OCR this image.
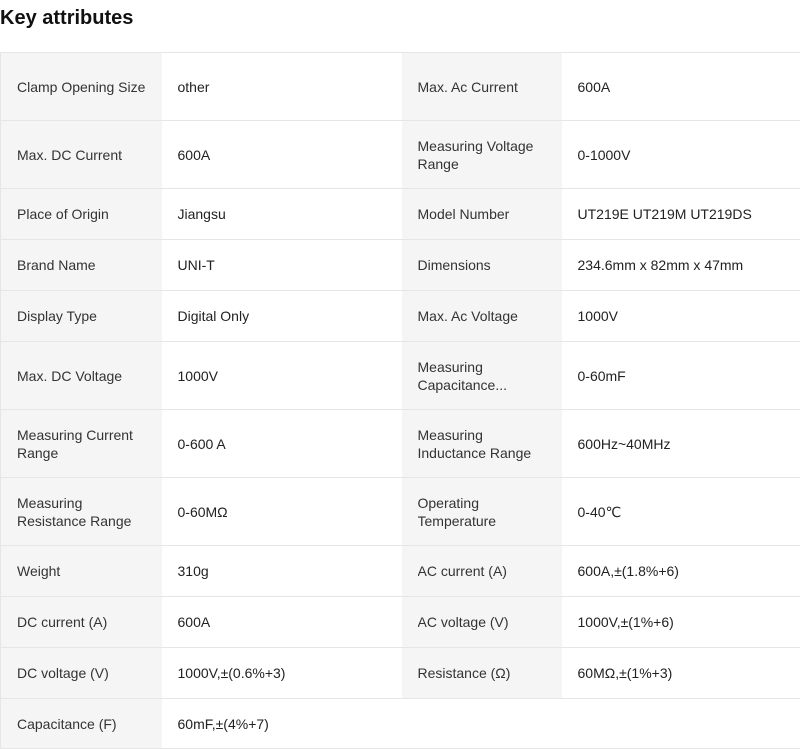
Key attributes
Clamp Opening Size	other	Max. Ac Current	600A

Max. DC Current	600A	Measuring Voltage Range	0-1000V

Place of Origin	Jiangsu	Model Number	UT219E UT219M UT219DS

Brand Name	UNI-T	Dimensions	234.6mm x 82mm x 47mm

Display Type	Digital Only	Max. Ac Voltage	1000V

Max. DC Voltage	1000V	Measuring Capacitance...	0-60mF

Measuring Current Range	0-600 A	Measuring Inductance Range	600Hz~40MHz

Measuring Resistance Range	0-60MΩ	Operating Temperature	0-40℃

Weight	310g	AC current (A)	600A,±(1.8%+6)

DC current (A)	600A	AC voltage (V)	1000V,±(1%+6)

DC voltage (V)	1000V,±(0.6%+3)	Resistance (Ω)	60MΩ,±(1%+3)

Capacitance (F)	60mF,±(4%+7)		
